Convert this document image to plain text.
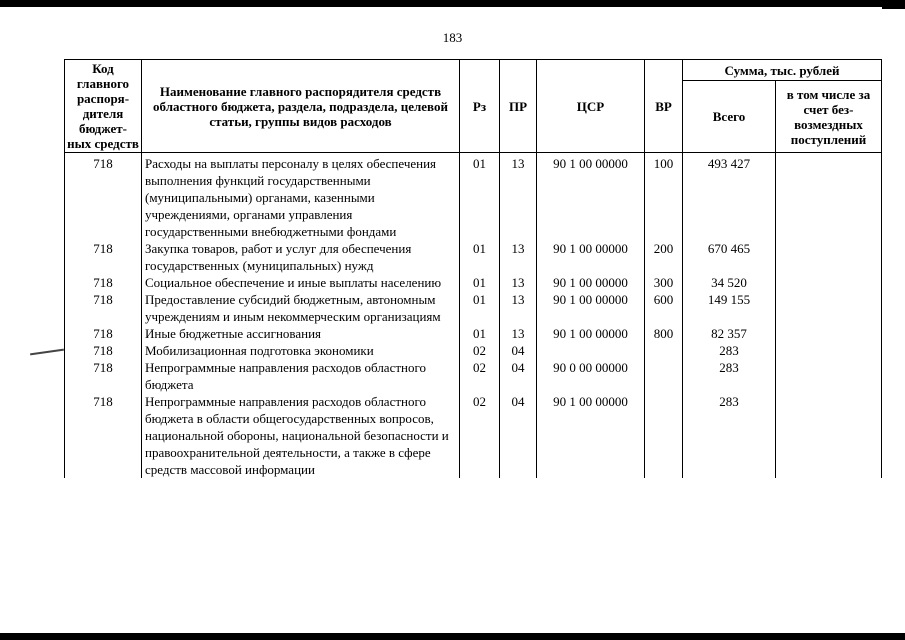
183
Код главного распоря- дителя бюджет- ных средств	Наименование главного распорядителя средств областного бюджета, раздела, подраздела, целевой статьи, группы видов расходов	Рз	ПР	ЦСР	ВР	Сумма, тыс. рублей	
						Всего	в том числе за счет без- возмездных поступлений
718	Расходы на выплаты персоналу в целях обеспечения выполнения функций государственными (муниципальными) органами, казенными учреждениями, органами управления государственными внебюджетными фондами	01	13	90 1 00 00000	100	493 427	
718	Закупка товаров, работ и услуг для обеспечения государственных (муниципальных) нужд	01	13	90 1 00 00000	200	670 465	
718	Социальное обеспечение и иные выплаты населению	01	13	90 1 00 00000	300	34 520	
718	Предоставление субсидий бюджетным, автономным учреждениям и иным некоммерческим организациям	01	13	90 1 00 00000	600	149 155	
718	Иные бюджетные ассигнования	01	13	90 1 00 00000	800	82 357	
718	Мобилизационная подготовка экономики	02	04			283	
718	Непрограммные направления расходов областного бюджета	02	04	90 0 00 00000		283	
718	Непрограммные направления расходов областного бюджета в области общегосударственных вопросов, национальной обороны, национальной безопасности и правоохранительной деятельности, а также в сфере средств массовой информации	02	04	90 1 00 00000		283	
